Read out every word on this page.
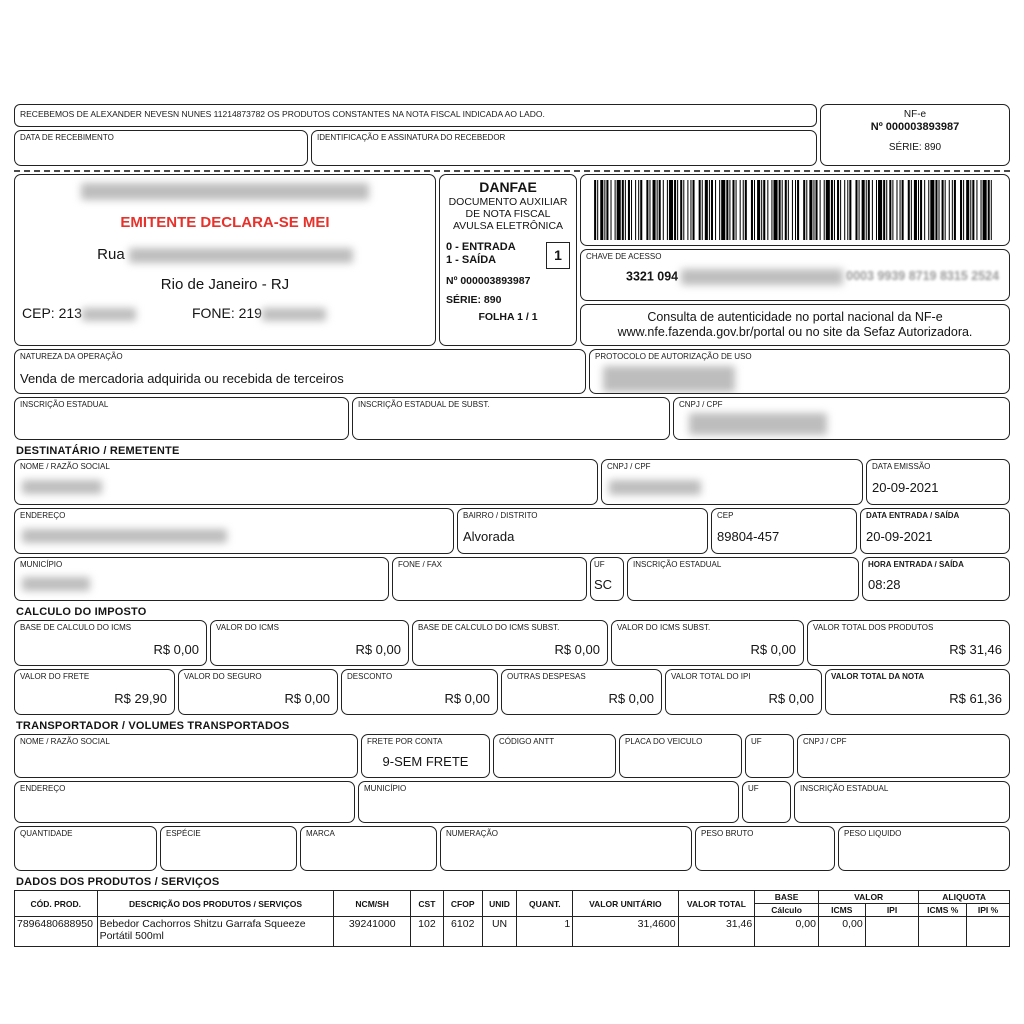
RECEBEMOS DE ALEXANDER NEVESN NUNES 11214873782 OS PRODUTOS CONSTANTES NA NOTA FISCAL INDICADA AO LADO.
DATA DE RECEBIMENTO	IDENTIFICAÇÃO E ASSINATURA DO RECEBEDOR
NF-e
Nº 000003893987
SÉRIE: 890
EMITENTE DECLARA-SE MEI
Rua
Rio de Janeiro - RJ
CEP: 213	FONE: 219
DANFAE
DOCUMENTO AUXILIAR DE NOTA FISCAL AVULSA ELETRÔNICA
0 - ENTRADA
1 - SAÍDA	1
Nº 000003893987
SÉRIE: 890
FOLHA 1 / 1
CHAVE DE ACESSO
3321 094	0003 9939 8719 8315 2524
Consulta de autenticidade no portal nacional da NF-e www.nfe.fazenda.gov.br/portal ou no site da Sefaz Autorizadora.
NATUREZA DA OPERAÇÃO
Venda de mercadoria adquirida ou recebida de terceiros
PROTOCOLO DE AUTORIZAÇÃO DE USO
INSCRIÇÃO ESTADUAL	INSCRIÇÃO ESTADUAL DE SUBST.	CNPJ / CPF
DESTINATÁRIO / REMETENTE
NOME / RAZÃO SOCIAL	CNPJ / CPF	DATA EMISSÃO
20-09-2021
ENDEREÇO	BAIRRO / DISTRITO
Alvorada
CEP
89804-457
DATA ENTRADA / SAÍDA
20-09-2021
MUNICÍPIO	FONE / FAX	UF
SC
INSCRIÇÃO ESTADUAL	HORA ENTRADA / SAÍDA
08:28
CALCULO DO IMPOSTO
BASE DE CALCULO DO ICMS
R$ 0,00
VALOR DO ICMS
R$ 0,00
BASE DE CALCULO DO ICMS SUBST.
R$ 0,00
VALOR DO ICMS SUBST.
R$ 0,00
VALOR TOTAL DOS PRODUTOS
R$ 31,46
VALOR DO FRETE
R$ 29,90
VALOR DO SEGURO
R$ 0,00
DESCONTO
R$ 0,00
OUTRAS DESPESAS
R$ 0,00
VALOR TOTAL DO IPI
R$ 0,00
VALOR TOTAL DA NOTA
R$ 61,36
TRANSPORTADOR / VOLUMES TRANSPORTADOS
NOME / RAZÃO SOCIAL	FRETE POR CONTA
9-SEM FRETE
CÓDIGO ANTT	PLACA DO VEICULO	UF	CNPJ / CPF
ENDEREÇO	MUNICÍPIO	UF	INSCRIÇÃO ESTADUAL
QUANTIDADE	ESPÉCIE	MARCA	NUMERAÇÃO	PESO BRUTO	PESO LIQUIDO
DADOS DOS PRODUTOS / SERVIÇOS
CÓD. PROD.	DESCRIÇÃO DOS PRODUTOS / SERVIÇOS	NCM/SH	CST	CFOP	UNID	QUANT.	VALOR UNITÁRIO	VALOR TOTAL	BASE	VALOR		ALIQUOTA	
									Cálculo	ICMS	IPI	ICMS %	IPI %
7896480688950	Bebedor Cachorros Shitzu Garrafa Squeeze Portátil 500ml	39241000	102	6102	UN	1	31,4600	31,46	0,00	0,00			
